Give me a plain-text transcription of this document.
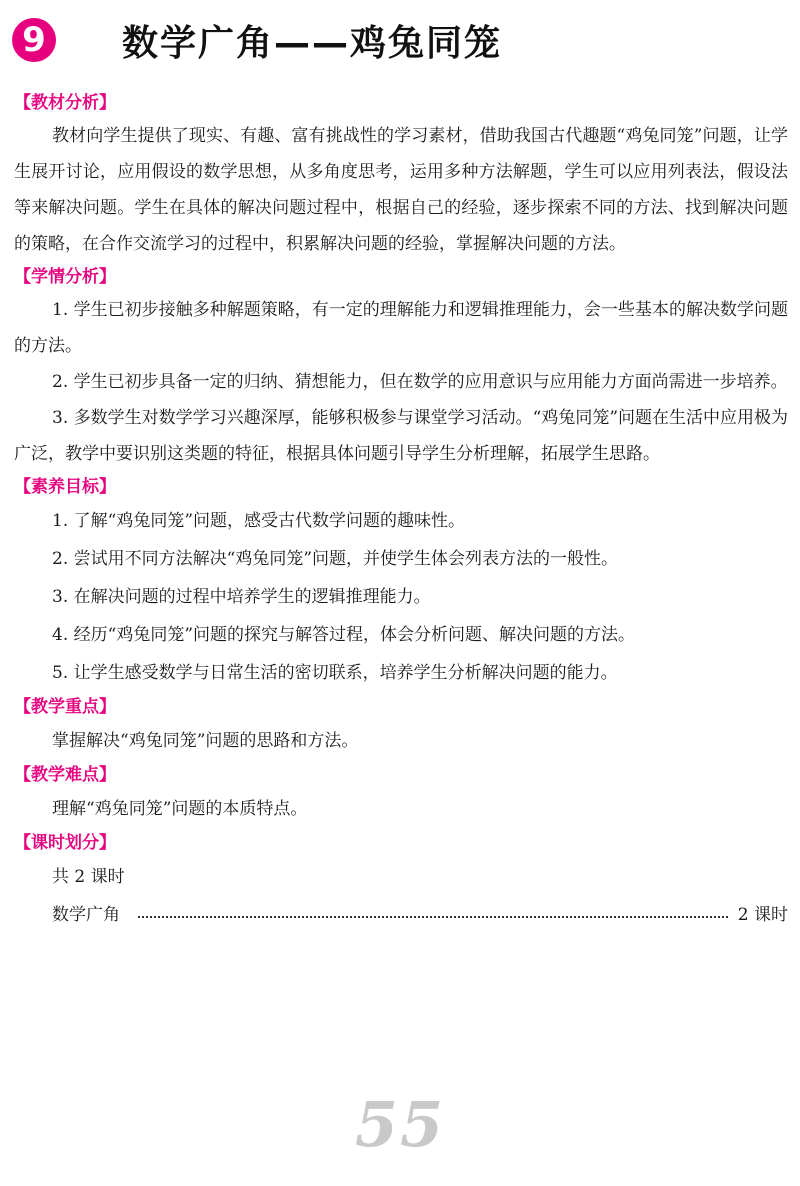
9 数学广角——鸡兔同笼
【教材分析】

教材向学生提供了现实、有趣、富有挑战性的学习素材，借助我国古代趣题“鸡兔同笼”问题，让学生展开讨论，应用假设的数学思想，从多角度思考，运用多种方法解题，学生可以应用列表法，假设法等来解决问题。学生在具体的解决问题过程中，根据自己的经验，逐步探索不同的方法、找到解决问题的策略，在合作交流学习的过程中，积累解决问题的经验，掌握解决问题的方法。

【学情分析】

1. 学生已初步接触多种解题策略，有一定的理解能力和逻辑推理能力，会一些基本的解决数学问题的方法。

2. 学生已初步具备一定的归纳、猜想能力，但在数学的应用意识与应用能力方面尚需进一步培养。

3. 多数学生对数学学习兴趣深厚，能够积极参与课堂学习活动。“鸡兔同笼”问题在生活中应用极为广泛，教学中要识别这类题的特征，根据具体问题引导学生分析理解，拓展学生思路。

【素养目标】

1. 了解“鸡兔同笼”问题，感受古代数学问题的趣味性。

2. 尝试用不同方法解决“鸡兔同笼”问题，并使学生体会列表方法的一般性。

3. 在解决问题的过程中培养学生的逻辑推理能力。

4. 经历“鸡兔同笼”问题的探究与解答过程，体会分析问题、解决问题的方法。

5. 让学生感受数学与日常生活的密切联系，培养学生分析解决问题的能力。

【教学重点】

掌握解决“鸡兔同笼”问题的思路和方法。

【教学难点】

理解“鸡兔同笼”问题的本质特点。

【课时划分】

共 2 课时

数学广角	2 课时
55
